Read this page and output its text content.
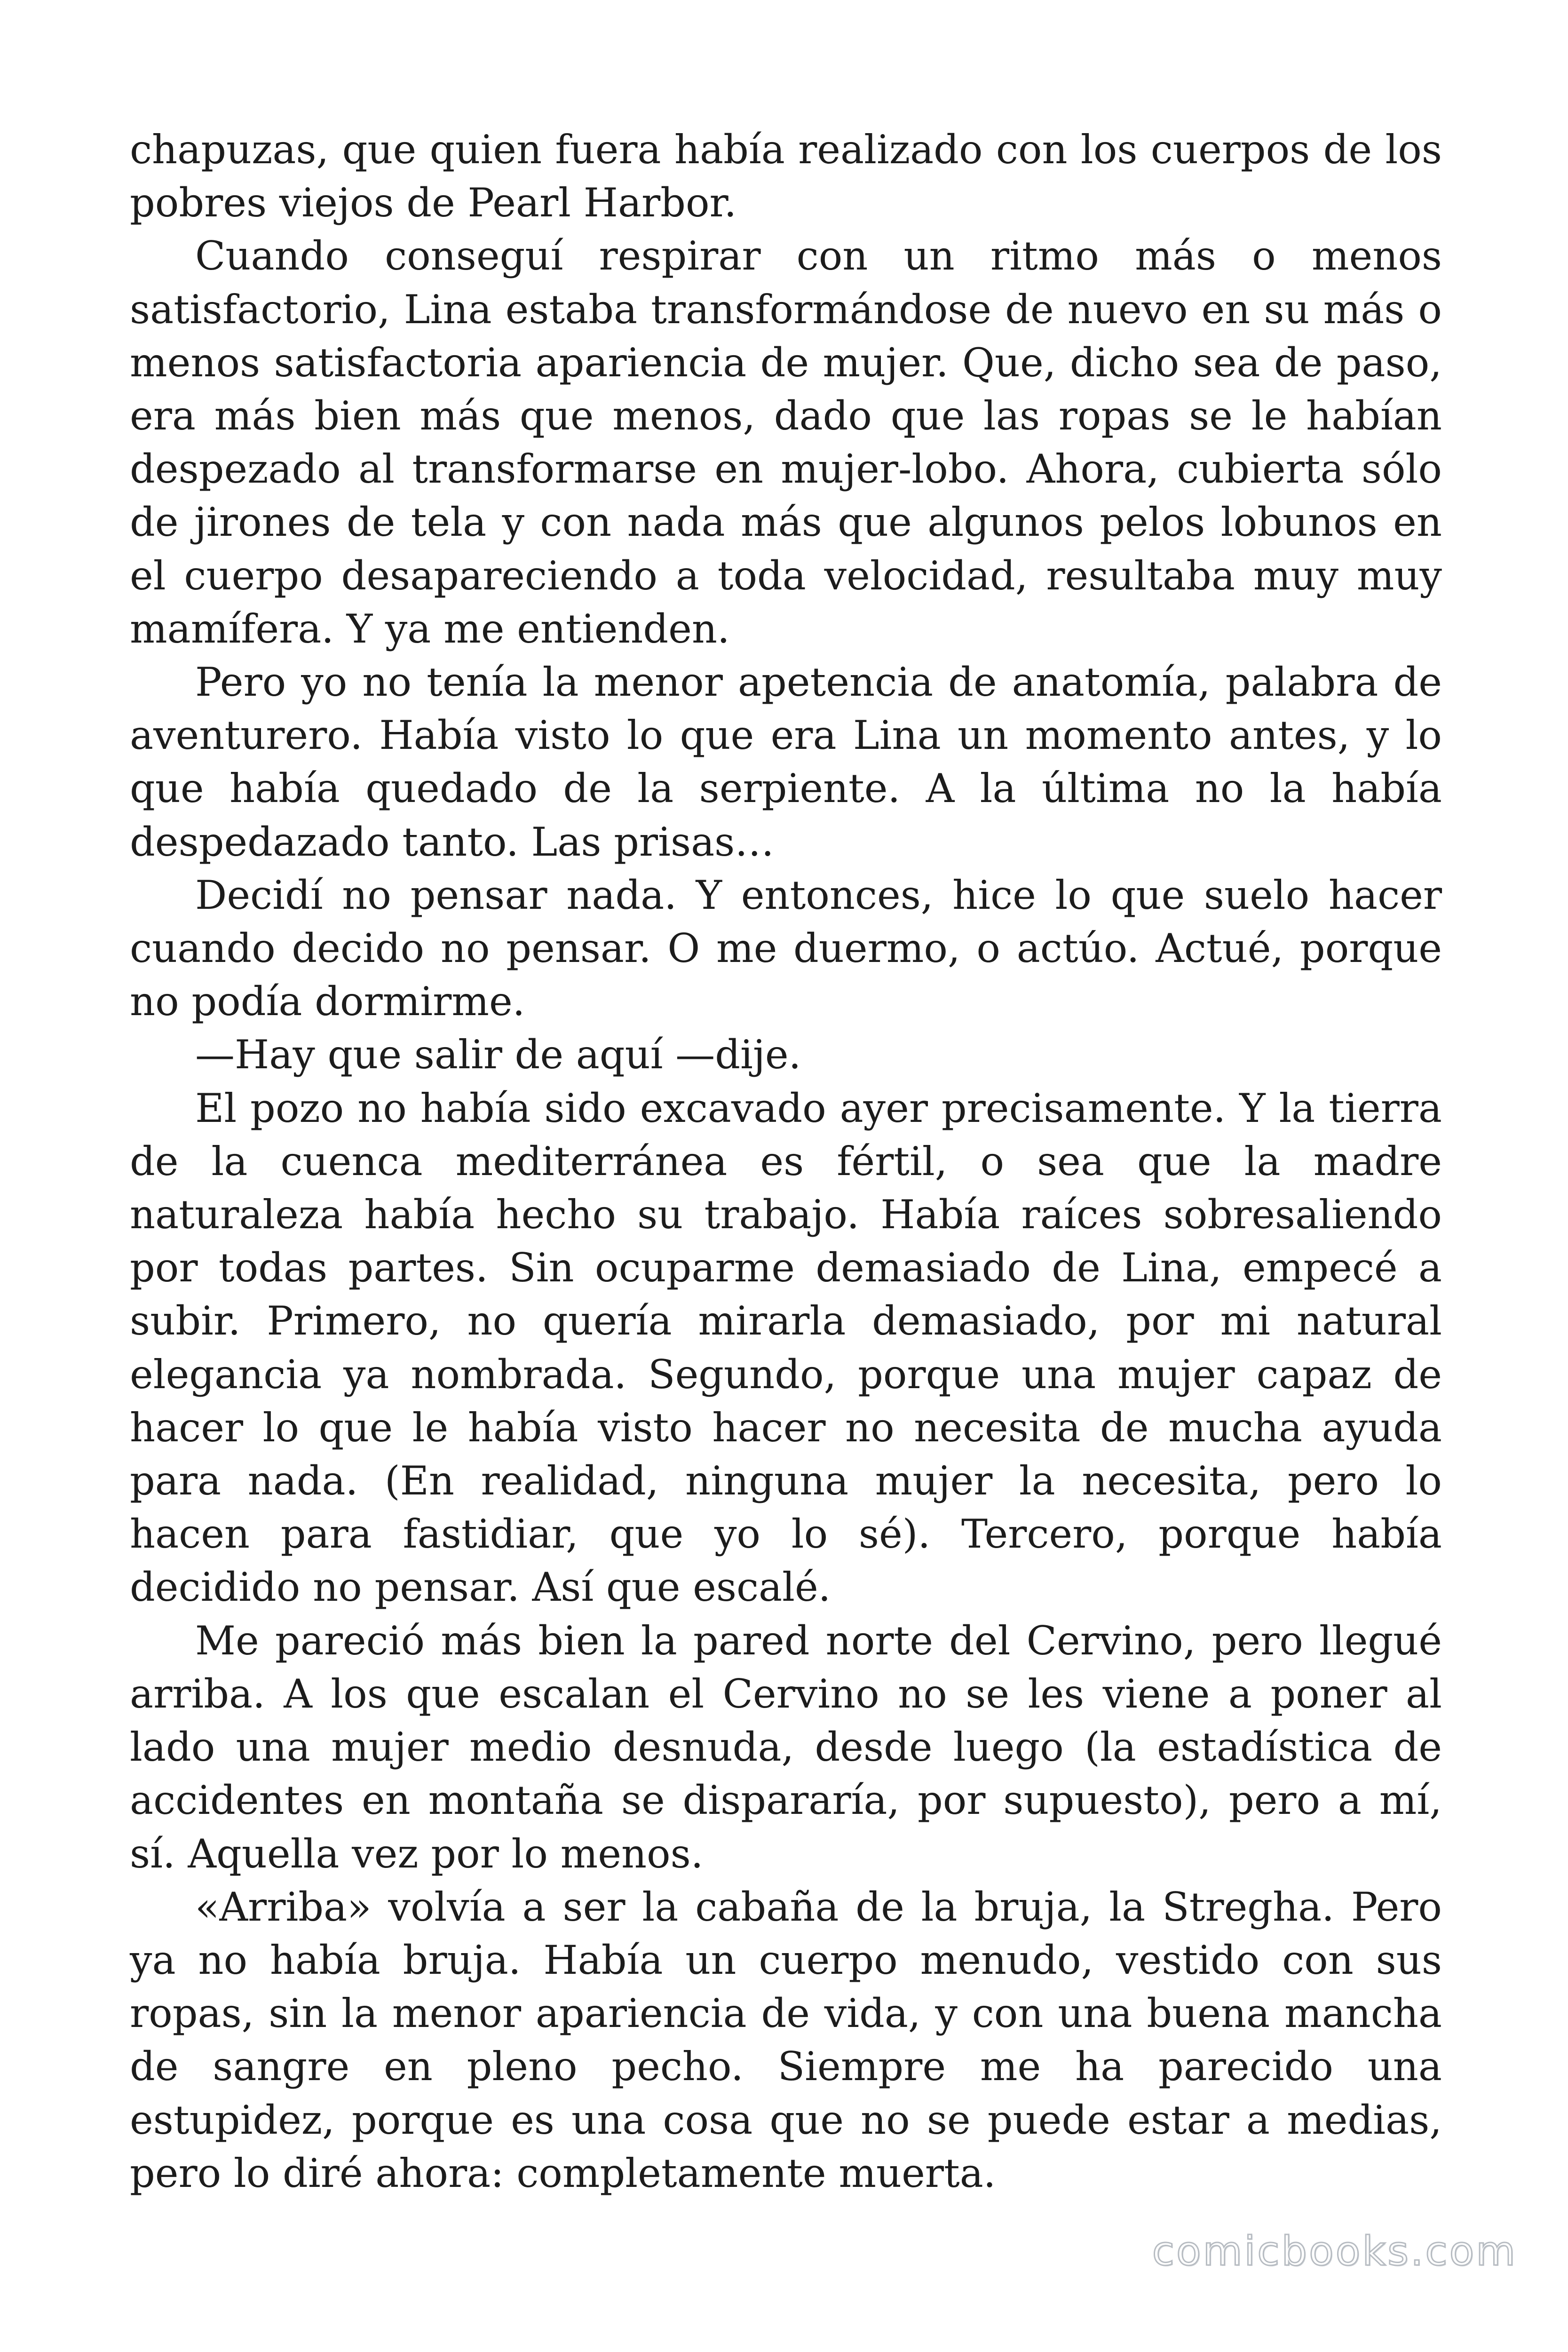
chapuzas, que quien fuera había realizado con los cuerpos de los pobres viejos de Pearl Harbor.

Cuando conseguí respirar con un ritmo más o menos satisfactorio, Lina estaba transformándose de nuevo en su más o menos satisfactoria apariencia de mujer. Que, dicho sea de paso, era más bien más que menos, dado que las ropas se le habían despezado al transformarse en mujer-lobo. Ahora, cubierta sólo de jirones de tela y con nada más que algunos pelos lobunos en el cuerpo desapareciendo a toda velocidad, resultaba muy muy mamífera. Y ya me entienden.

Pero yo no tenía la menor apetencia de anatomía, palabra de aventurero. Había visto lo que era Lina un momento antes, y lo que había quedado de la serpiente. A la última no la había despedazado tanto. Las prisas…

Decidí no pensar nada. Y entonces, hice lo que suelo hacer cuando decido no pensar. O me duermo, o actúo. Actué, porque no podía dormirme.

—Hay que salir de aquí —dije.

El pozo no había sido excavado ayer precisamente. Y la tierra de la cuenca mediterránea es fértil, o sea que la madre naturaleza había hecho su trabajo. Había raíces sobresaliendo por todas partes. Sin ocuparme demasiado de Lina, empecé a subir. Primero, no quería mirarla demasiado, por mi natural elegancia ya nombrada. Segundo, porque una mujer capaz de hacer lo que le había visto hacer no necesita de mucha ayuda para nada. (En realidad, ninguna mujer la necesita, pero lo hacen para fastidiar, que yo lo sé). Tercero, porque había decidido no pensar. Así que escalé.

Me pareció más bien la pared norte del Cervino, pero llegué arriba. A los que escalan el Cervino no se les viene a poner al lado una mujer medio desnuda, desde luego (la estadística de accidentes en montaña se dispararía, por supuesto), pero a mí, sí. Aquella vez por lo menos.

«Arriba» volvía a ser la cabaña de la bruja, la Stregha. Pero ya no había bruja. Había un cuerpo menudo, vestido con sus ropas, sin la menor apariencia de vida, y con una buena mancha de sangre en pleno pecho. Siempre me ha parecido una estupidez, porque es una cosa que no se puede estar a medias, pero lo diré ahora: completamente muerta.

comicbooks.com
